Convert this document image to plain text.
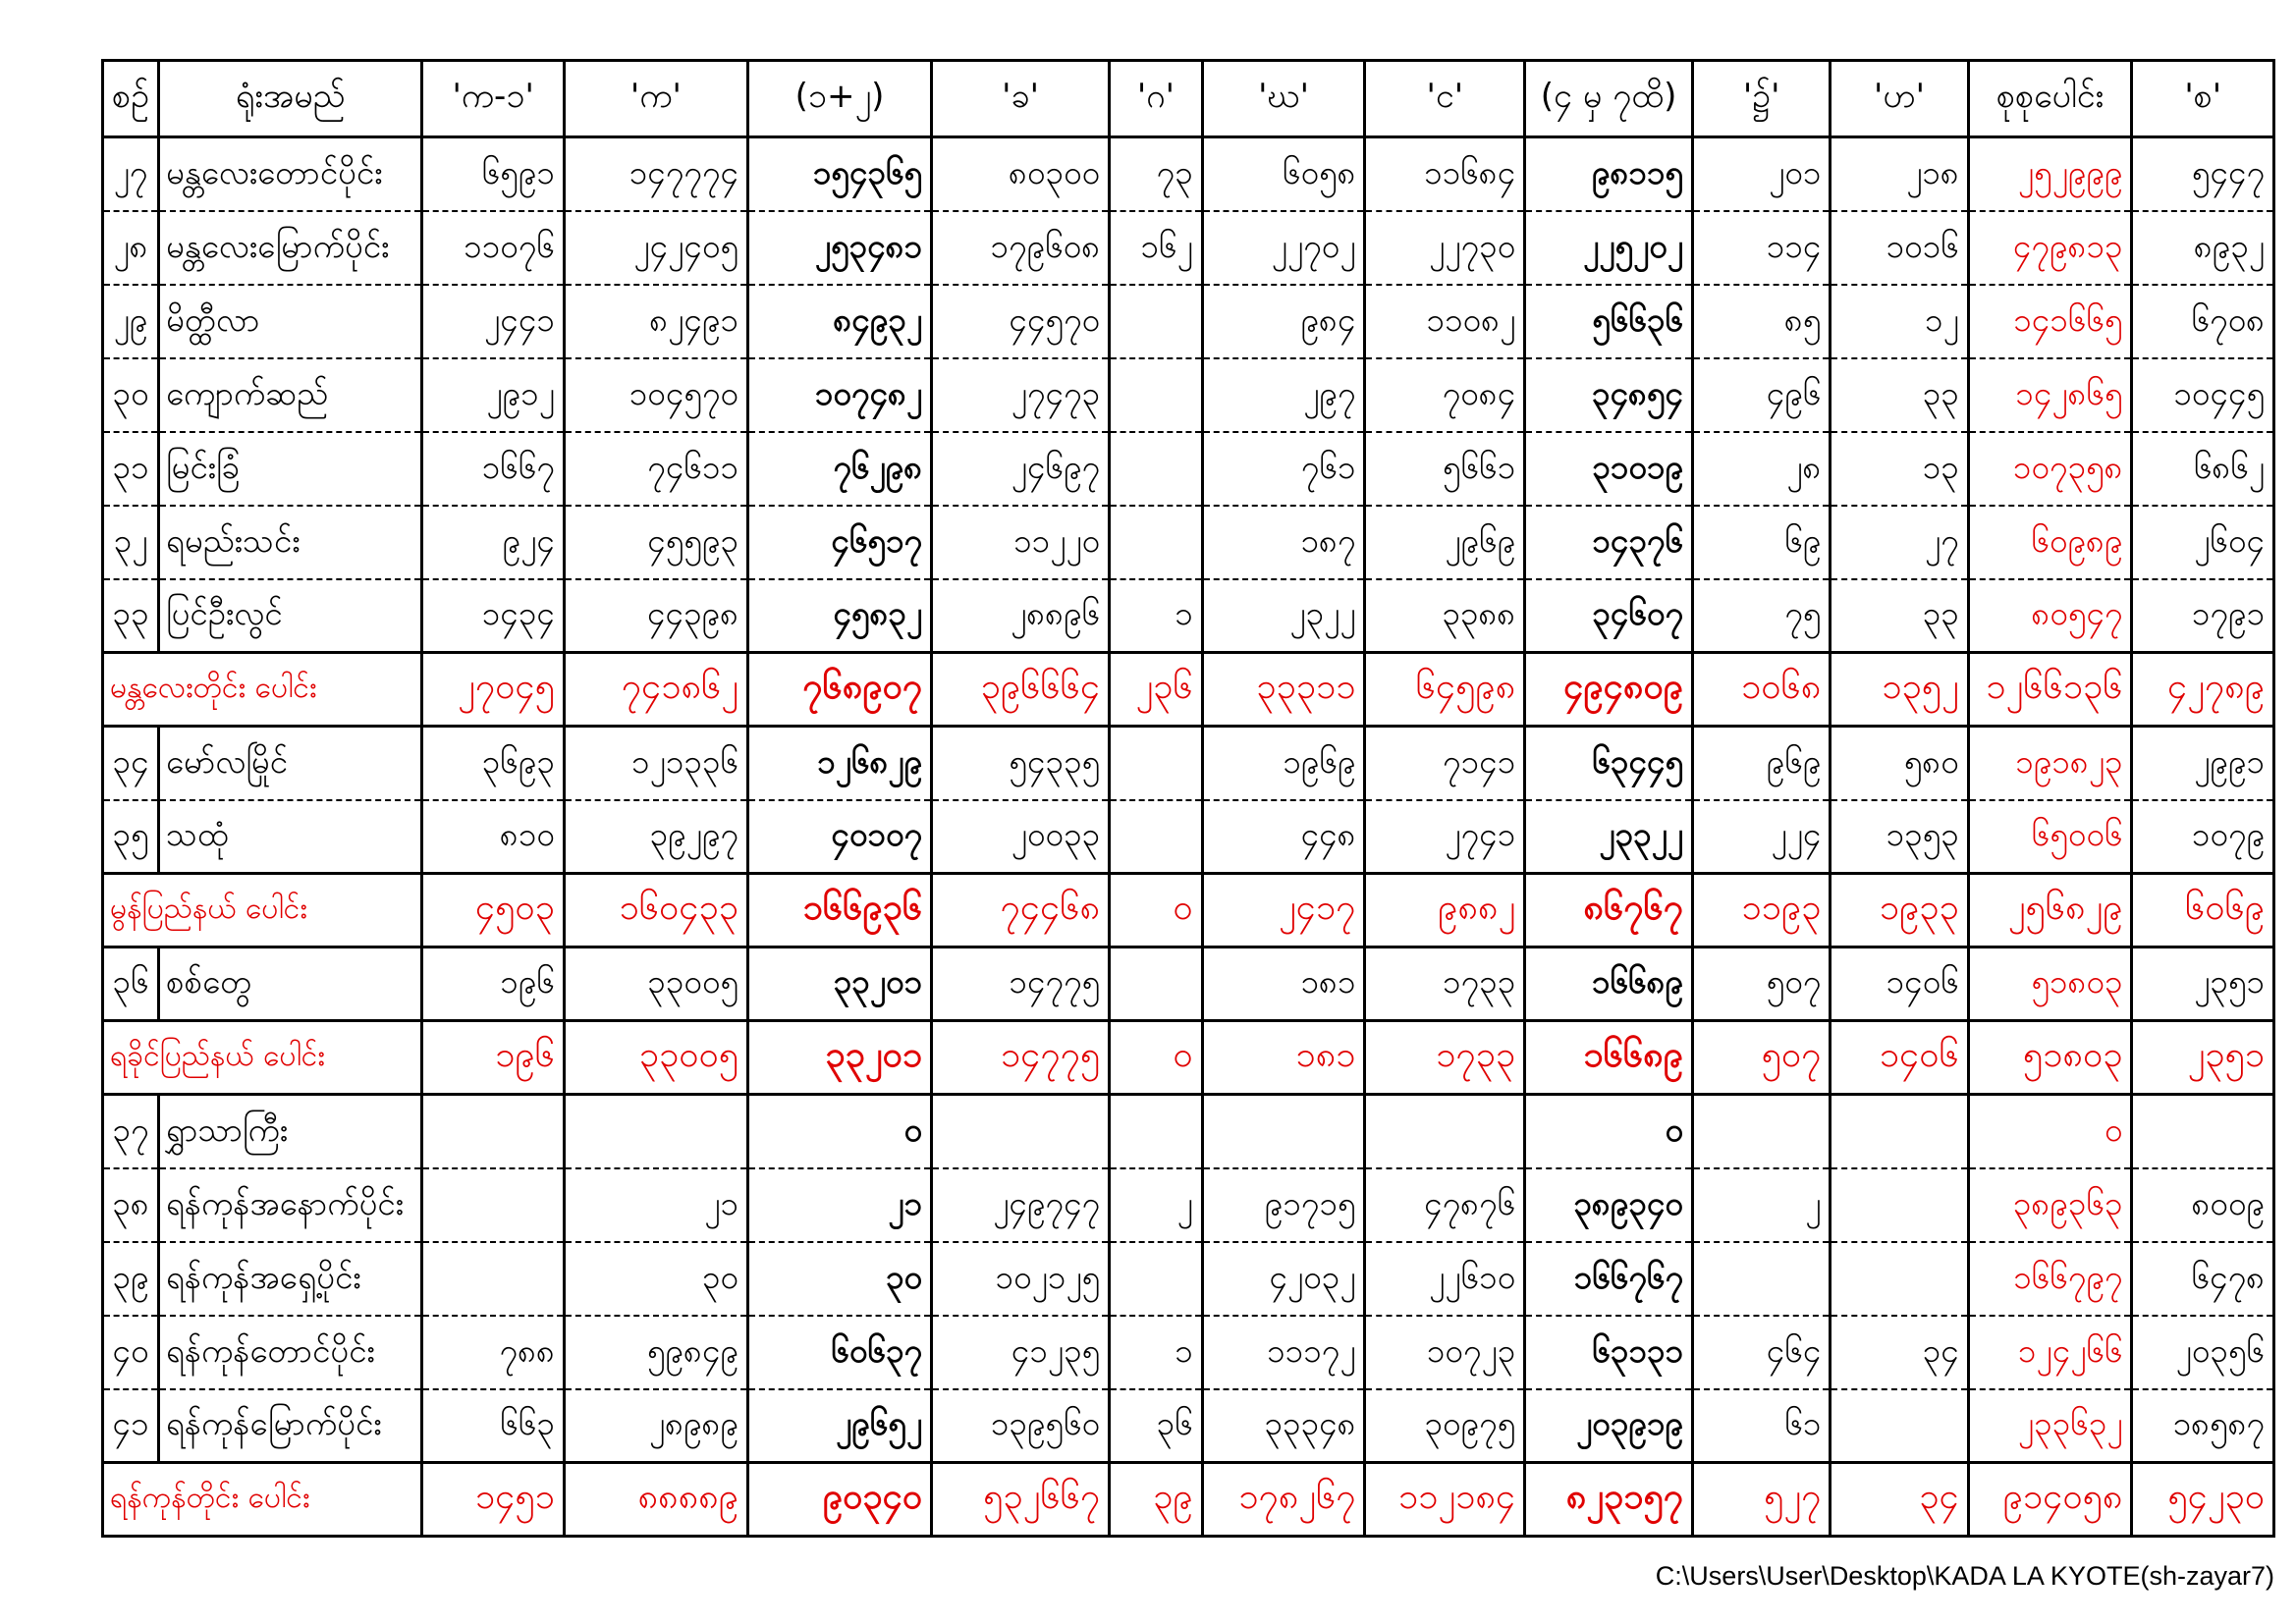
စဉ်	ရုံးအမည်	'က-၁'	'က'	(၁+၂)	'ခ'	'ဂ'	'ဃ'	'င'	(၄ မှ ၇ထိ)	'၌'	'ဟ'	စုစုပေါင်း	'စ'
၂၇	မန္တလေးတောင်ပိုင်း	၆၅၉၁	၁၄၇၇၇၄	၁၅၄၃၆၅	၈၀၃၀၀	၇၃	၆၀၅၈	၁၁၆၈၄	၉၈၁၁၅	၂၀၁	၂၁၈	၂၅၂၉၉၉	၅၄၄၇
၂၈	မန္တလေးမြောက်ပိုင်း	၁၁၀၇၆	၂၄၂၄၀၅	၂၅၃၄၈၁	၁၇၉၆၀၈	၁၆၂	၂၂၇၀၂	၂၂၇၃၀	၂၂၅၂၀၂	၁၁၄	၁၀၁၆	၄၇၉၈၁၃	၈၉၃၂
၂၉	မိတ္ထီလာ	၂၄၄၁	၈၂၄၉၁	၈၄၉၃၂	၄၄၅၇၀		၉၈၄	၁၁၀၈၂	၅၆၆၃၆	၈၅	၁၂	၁၄၁၆၆၅	၆၇၀၈
၃၀	ကျောက်ဆည်	၂၉၁၂	၁၀၄၅၇၀	၁၀၇၄၈၂	၂၇၄၇၃		၂၉၇	၇၀၈၄	၃၄၈၅၄	၄၉၆	၃၃	၁၄၂၈၆၅	၁၀၄၄၅
၃၁	မြင်းခြံ	၁၆၆၇	၇၄၆၁၁	၇၆၂၉၈	၂၄၆၉၇		၇၆၁	၅၆၆၁	၃၁၀၁၉	၂၈	၁၃	၁၀၇၃၅၈	၆၈၆၂
၃၂	ရမည်းသင်း	၉၂၄	၄၅၅၉၃	၄၆၅၁၇	၁၁၂၂၀		၁၈၇	၂၉၆၉	၁၄၃၇၆	၆၉	၂၇	၆၀၉၈၉	၂၆၀၄
၃၃	ပြင်ဦးလွင်	၁၄၃၄	၄၄၃၉၈	၄၅၈၃၂	၂၈၈၉၆	၁	၂၃၂၂	၃၃၈၈	၃၄၆၀၇	၇၅	၃၃	၈၀၅၄၇	၁၇၉၁
မန္တလေးတိုင်း ပေါင်း		၂၇၀၄၅	၇၄၁၈၆၂	၇၆၈၉၀၇	၃၉၆၆၆၄	၂၃၆	၃၃၃၁၁	၆၄၅၉၈	၄၉၄၈၀၉	၁၀၆၈	၁၃၅၂	၁၂၆၆၁၃၆	၄၂၇၈၉
၃၄	မော်လမြိုင်	၃၆၉၃	၁၂၁၃၃၆	၁၂၆၈၂၉	၅၄၃၃၅		၁၉၆၉	၇၁၄၁	၆၃၄၄၅	၉၆၉	၅၈၀	၁၉၁၈၂၃	၂၉၉၁
၃၅	သထုံ	၈၁၀	၃၉၂၉၇	၄၀၁၀၇	၂၀၀၃၃		၄၄၈	၂၇၄၁	၂၃၃၂၂	၂၂၄	၁၃၅၃	၆၅၀၀၆	၁၀၇၉
မွန်ပြည်နယ် ပေါင်း		၄၅၀၃	၁၆၀၄၃၃	၁၆၆၉၃၆	၇၄၄၆၈	၀	၂၄၁၇	၉၈၈၂	၈၆၇၆၇	၁၁၉၃	၁၉၃၃	၂၅၆၈၂၉	၆၀၆၉
၃၆	စစ်တွေ	၁၉၆	၃၃၀၀၅	၃၃၂၀၁	၁၄၇၇၅		၁၈၁	၁၇၃၃	၁၆၆၈၉	၅၀၇	၁၄၀၆	၅၁၈၀၃	၂၃၅၁
ရခိုင်ပြည်နယ် ပေါင်း		၁၉၆	၃၃၀၀၅	၃၃၂၀၁	၁၄၇၇၅	၀	၁၈၁	၁၇၃၃	၁၆၆၈၉	၅၀၇	၁၄၀၆	၅၁၈၀၃	၂၃၅၁
၃၇	ရွှာသာကြီး			၀					၀			၀	
၃၈	ရန်ကုန်အနောက်ပိုင်း		၂၁	၂၁	၂၄၉၇၄၇	၂	၉၁၇၁၅	၄၇၈၇၆	၃၈၉၃၄၀	၂		၃၈၉၃၆၃	၈၀၀၉
၃၉	ရန်ကုန်အရှေ့ပိုင်း		၃၀	၃၀	၁၀၂၁၂၅		၄၂၀၃၂	၂၂၆၁၀	၁၆၆၇၆၇			၁၆၆၇၉၇	၆၄၇၈
၄၀	ရန်ကုန်တောင်ပိုင်း	၇၈၈	၅၉၈၄၉	၆၀၆၃၇	၄၁၂၃၅	၁	၁၁၁၇၂	၁၀၇၂၃	၆၃၁၃၁	၄၆၄	၃၄	၁၂၄၂၆၆	၂၀၃၅၆
၄၁	ရန်ကုန်မြောက်ပိုင်း	၆၆၃	၂၈၉၈၉	၂၉၆၅၂	၁၃၉၅၆၀	၃၆	၃၃၃၄၈	၃၀၉၇၅	၂၀၃၉၁၉	၆၁		၂၃၃၆၃၂	၁၈၅၈၇
ရန်ကုန်တိုင်း ပေါင်း		၁၄၅၁	၈၈၈၈၉	၉၀၃၄၀	၅၃၂၆၆၇	၃၉	၁၇၈၂၆၇	၁၁၂၁၈၄	၈၂၃၁၅၇	၅၂၇	၃၄	၉၁၄၀၅၈	၅၄၂၃၀
C:\Users\User\Desktop\KADA LA KYOTE(sh-zayar7)
